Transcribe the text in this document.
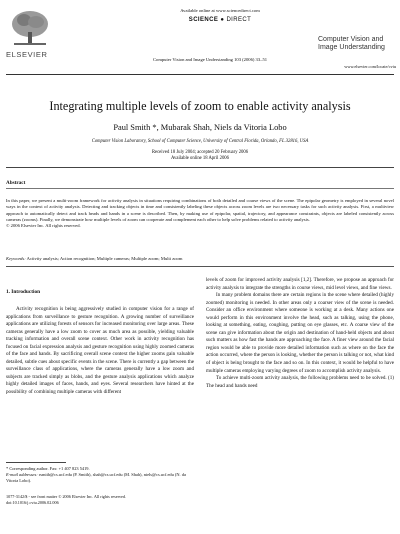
ELSEVIER
Available online at www.sciencedirect.com
SCIENCE ● DIRECT
Computer Vision and Image Understanding 103 (2006) 33–51
Computer Vision and Image Understanding
www.elsevier.com/locate/cviu
Integrating multiple levels of zoom to enable activity analysis
Paul Smith *, Mubarak Shah, Niels da Vitoria Lobo
Computer Vision Laboratory, School of Computer Science, University of Central Florida, Orlando, FL 32816, USA
Received 18 July 2004; accepted 20 February 2006
Available online 18 April 2006
Abstract
In this paper, we present a multi-zoom framework for activity analysis in situations requiring combinations of both detailed and coarse views of the scene. The epipolar geometry is employed in several novel ways in the context of activity analysis. Detecting and tracking objects in time and consistently labeling these objects across zoom levels are two necessary tasks for such activity analysis. First, a multiview approach to automatically detect and track heads and hands in a scene is described. Then, by making use of epipolar, spatial, trajectory, and appearance constraints, objects are labeled consistently across cameras (zooms). Finally, we demonstrate how multiple levels of zoom can cooperate and complement each other to help solve problems related to activity analysis.
© 2006 Elsevier Inc. All rights reserved.
Keywords: Activity analysis; Action recognition; Multiple cameras; Multiple zoom; Multi zoom
1. Introduction

Activity recognition is being aggressively studied in computer vision for a range of applications from surveillance to gesture recognition. A growing number of surveillance applications are utilizing forests of sensors for increased monitoring over large areas. These cameras generally have a low zoom to cover as much area as possible, yielding valuable tracking information and overall scene context. Other work in activity recognition has focused on facial expression analysis and gesture recognition using highly zoomed cameras of the face and hands. By sacrificing overall scene context the higher zooms gain valuable detailed, subtle cues about specific events in the scene. There is currently a gap between the surveillance class of applications, where the cameras generally have a low zoom and subjects are tracked simply as blobs, and the gesture analysis applications which analyze highly detailed images of faces, hands, and eyes. Several researchers have hinted at the possibility of combining multiple cameras with different

levels of zoom for improved activity analysis [1,2]. Therefore, we propose an approach for activity analysis to integrate the strengths in course views, mid level views, and fine views.

In many problem domains there are certain regions in the scene where detailed (highly zoomed) monitoring is needed. In other areas only a coarser view of the scene is needed. Consider an office environment where someone is working at a desk. Many actions one would perform in this environment involve the head, such as talking, using the phone, looking at something, eating, coughing, putting on eye glasses, etc. A coarse view of the scene can give information about the origin and destination of hand-held objects and about such matters as how fast the hands are approaching the face. A finer view around the facial region would be able to provide more detailed information such as where on the face the action occurred, where the person is looking, whether the person is talking or not, what kind of object is being brought to the face and so on. In this context, it would be helpful to have multiple cameras employing varying degrees of zoom to accomplish activity analysis.

To achieve multi-zoom activity analysis, the following problems need to be solved. (1) The head and hands need

* Corresponding author. Fax: +1 407 823 5419.
E-mail addresses: rsmith@cs.ucf.edu (P. Smith), shah@cs.ucf.edu (M. Shah), niels@cs.ucf.edu (N. da Vitoria Lobo).
1077-3142/$ - see front matter © 2006 Elsevier Inc. All rights reserved.
doi:10.1016/j.cviu.2006.02.006
